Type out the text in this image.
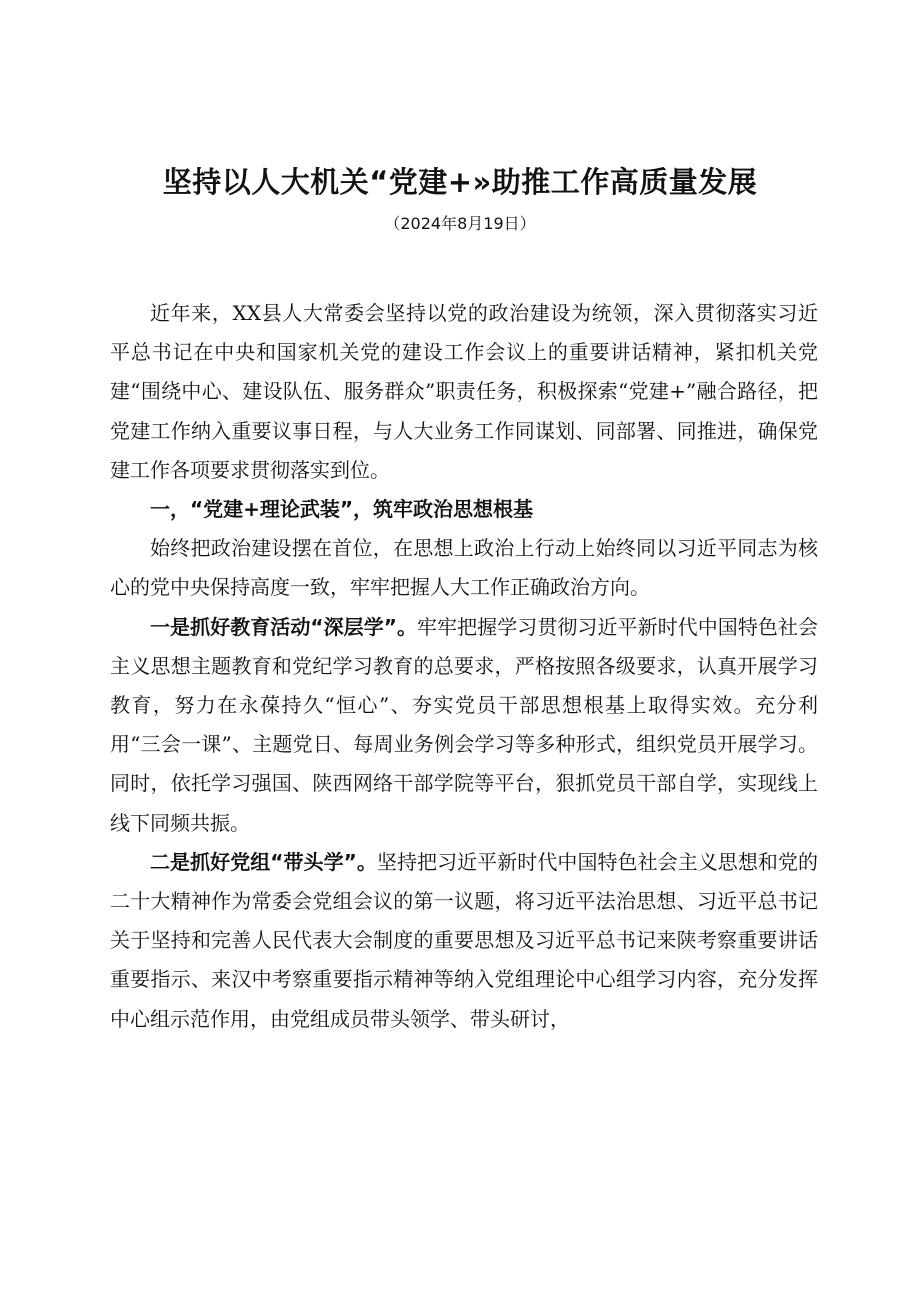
坚持以人大机关“党建+»助推工作高质量发展
（2024年8月19日）

近年来，XX县人大常委会坚持以党的政治建设为统领，深入贯彻落实习近平总书记在中央和国家机关党的建设工作会议上的重要讲话精神，紧扣机关党建“围绕中心、建设队伍、服务群众”职责任务，积极探索“党建+”融合路径，把党建工作纳入重要议事日程，与人大业务工作同谋划、同部署、同推进，确保党建工作各项要求贯彻落实到位。

一，“党建+理论武装”，筑牢政治思想根基

始终把政治建设摆在首位，在思想上政治上行动上始终同以习近平同志为核心的党中央保持高度一致，牢牢把握人大工作正确政治方向。

一是抓好教育活动“深层学”。牢牢把握学习贯彻习近平新时代中国特色社会主义思想主题教育和党纪学习教育的总要求，严格按照各级要求，认真开展学习教育，努力在永葆持久“恒心”、夯实党员干部思想根基上取得实效。充分利用“三会一课”、主题党日、每周业务例会学习等多种形式，组织党员开展学习。同时，依托学习强国、陕西网络干部学院等平台，狠抓党员干部自学，实现线上线下同频共振。

二是抓好党组“带头学”。坚持把习近平新时代中国特色社会主义思想和党的二十大精神作为常委会党组会议的第一议题，将习近平法治思想、习近平总书记关于坚持和完善人民代表大会制度的重要思想及习近平总书记来陕考察重要讲话重要指示、来汉中考察重要指示精神等纳入党组理论中心组学习内容，充分发挥中心组示范作用，由党组成员带头领学、带头研讨，
